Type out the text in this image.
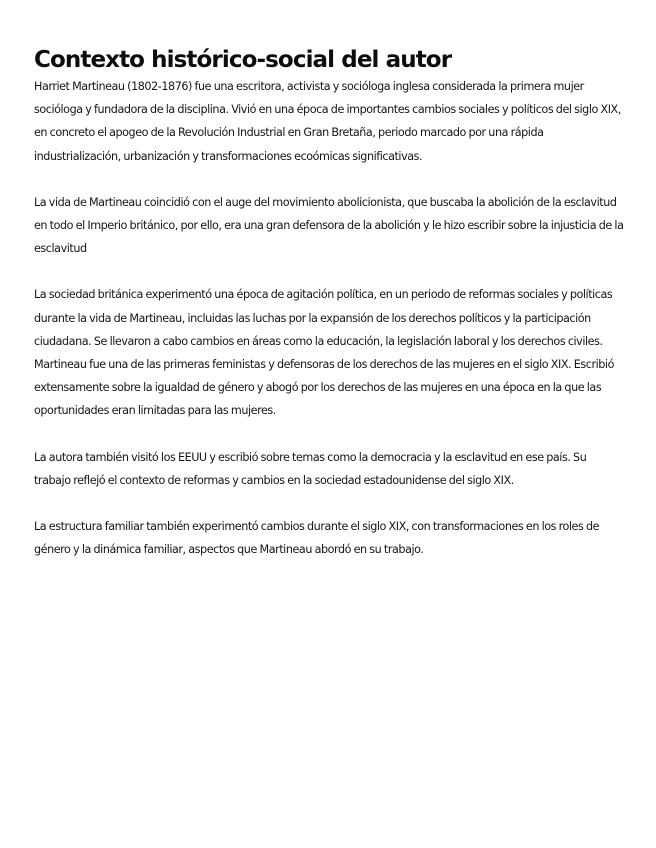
Contexto histórico-social del autor

Harriet Martineau (1802-1876) fue una escritora, activista y socióloga inglesa considerada la primera mujer socióloga y fundadora de la disciplina. Vivió en una época de importantes cambios sociales y políticos del siglo XIX, en concreto el apogeo de la Revolución Industrial en Gran Bretaña, periodo marcado por una rápida industrialización, urbanización y transformaciones ecoómicas significativas.

La vida de Martineau coincidió con el auge del movimiento abolicionista, que buscaba la abolición de la esclavitud en todo el Imperio británico, por ello, era una gran defensora de la abolición y le hizo escribir sobre la injusticia de la esclavitud

La sociedad británica experimentó una época de agitación política, en un periodo de reformas sociales y políticas durante la vida de Martineau, incluidas las luchas por la expansión de los derechos políticos y la participación ciudadana. Se llevaron a cabo cambios en áreas como la educación, la legislación laboral y los derechos civiles. Martineau fue una de las primeras feministas y defensoras de los derechos de las mujeres en el siglo XIX. Escribió extensamente sobre la igualdad de género y abogó por los derechos de las mujeres en una época en la que las oportunidades eran limitadas para las mujeres.

La autora también visitó los EEUU y escribió sobre temas como la democracia y la esclavitud en ese país. Su trabajo reflejó el contexto de reformas y cambios en la sociedad estadounidense del siglo XIX.

La estructura familiar también experimentó cambios durante el siglo XIX, con transformaciones en los roles de género y la dinámica familiar, aspectos que Martineau abordó en su trabajo.
